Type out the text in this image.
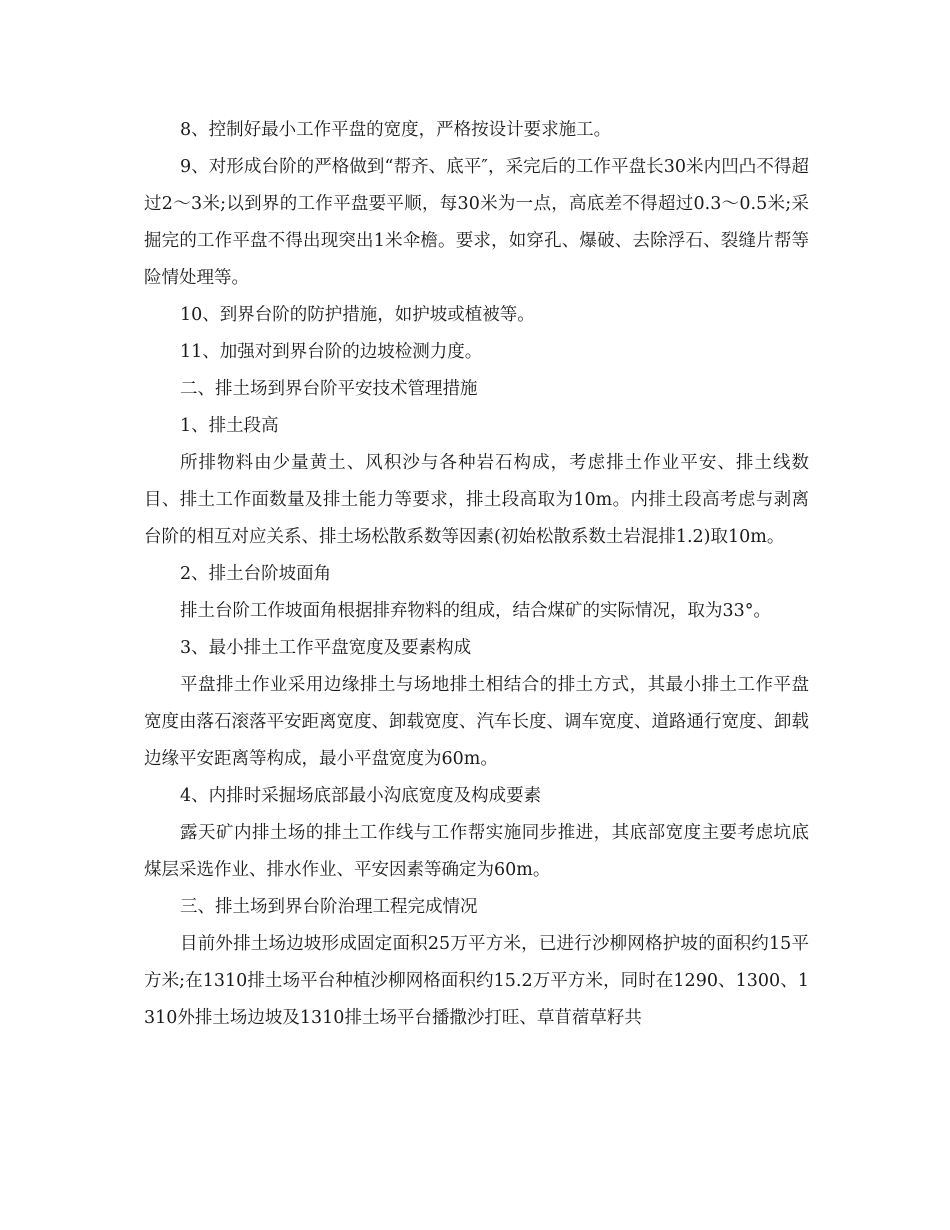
8、控制好最小工作平盘的宽度，严格按设计要求施工。

9、对形成台阶的严格做到“帮齐、底平″，采完后的工作平盘长30米内凹凸不得超过2～3米;以到界的工作平盘要平顺，每30米为一点，高底差不得超过0.3～0.5米;采掘完的工作平盘不得出现突出1米伞檐。要求，如穿孔、爆破、去除浮石、裂缝片帮等险情处理等。

10、到界台阶的防护措施，如护坡或植被等。

11、加强对到界台阶的边坡检测力度。

二、排土场到界台阶平安技术管理措施

1、排土段高

所排物料由少量黄土、风积沙与各种岩石构成，考虑排土作业平安、排土线数目、排土工作面数量及排土能力等要求，排土段高取为10m。内排土段高考虑与剥离台阶的相互对应关系、排土场松散系数等因素(初始松散系数土岩混排1.2)取10m。

2、排土台阶坡面角

排土台阶工作坡面角根据排弃物料的组成，结合煤矿的实际情况，取为33°。

3、最小排土工作平盘宽度及要素构成

平盘排土作业采用边缘排土与场地排土相结合的排土方式，其最小排土工作平盘宽度由落石滚落平安距离宽度、卸载宽度、汽车长度、调车宽度、道路通行宽度、卸载边缘平安距离等构成，最小平盘宽度为60m。

4、内排时采掘场底部最小沟底宽度及构成要素

露天矿内排土场的排土工作线与工作帮实施同步推进，其底部宽度主要考虑坑底煤层采选作业、排水作业、平安因素等确定为60m。

三、排土场到界台阶治理工程完成情况

目前外排土场边坡形成固定面积25万平方米，已进行沙柳网格护坡的面积约15平方米;在1310排土场平台种植沙柳网格面积约15.2万平方米，同时在1290、1300、1310外排土场边坡及1310排土场平台播撒沙打旺、草苜蓿草籽共
